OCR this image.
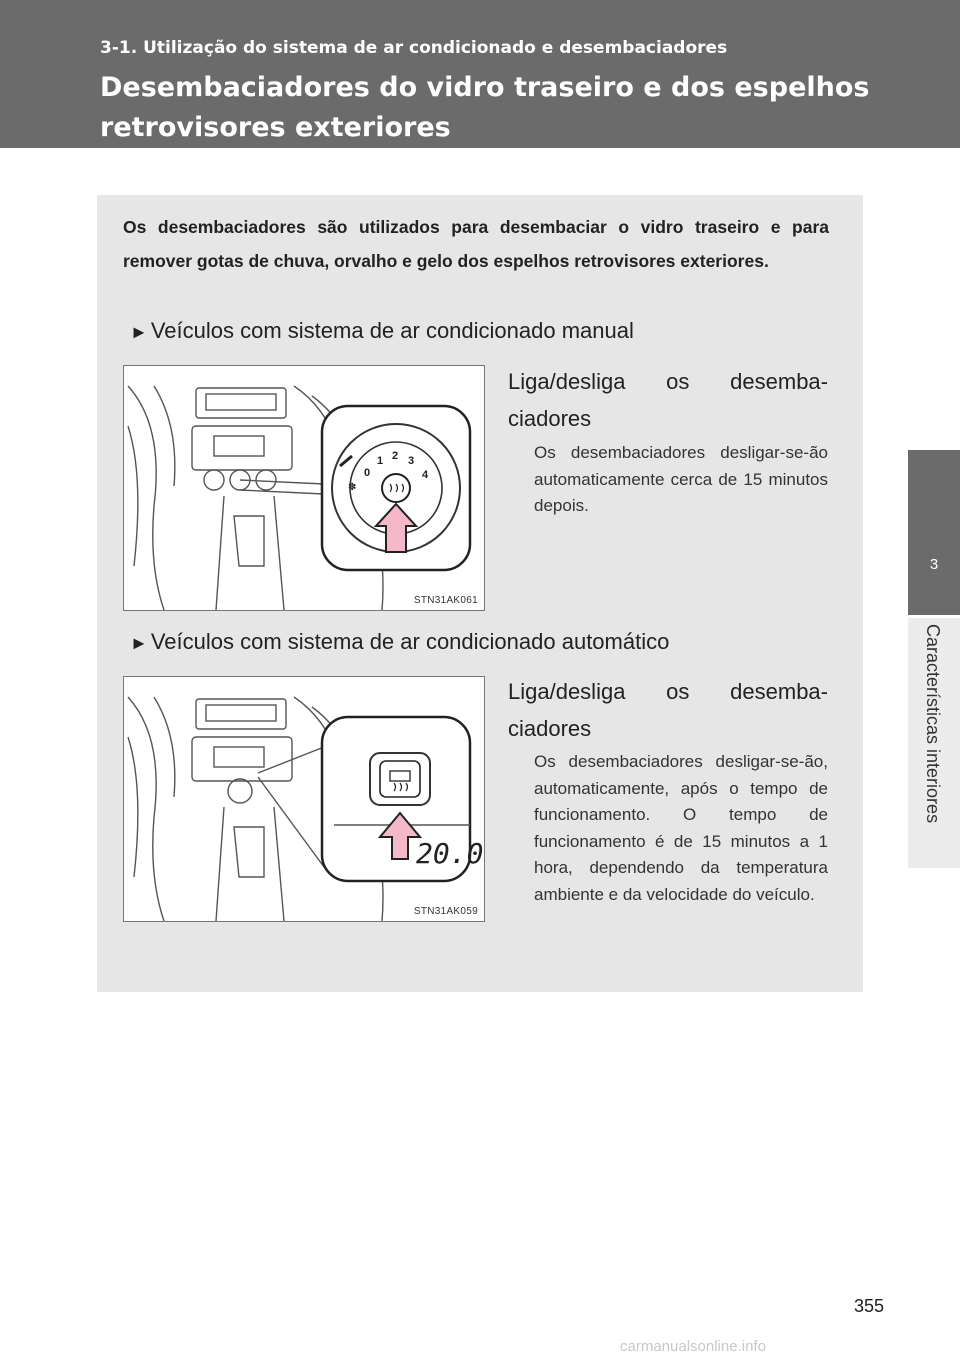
3-1. Utilização do sistema de ar condicionado e desembaciadores
Desembaciadores do vidro traseiro e dos espelhos retrovisores exteriores
3
Características interiores
Os desembaciadores são utilizados para desembaciar o vidro traseiro e para remover gotas de chuva, orvalho e gelo dos espelhos retrovisores exteriores.
► Veículos com sistema de ar condicionado manual
✽
0
1 2 3
4
STN31AK061
Liga/desliga os desembaciadores
Os desembaciadores desligar-se-ão automaticamente cerca de 15 minutos depois.
► Veículos com sistema de ar condicionado automático
20.0
STN31AK059
Liga/desliga os desembaciadores
Os desembaciadores desligar-se-ão, automaticamente, após o tempo de funcionamento. O tempo de funcionamento é de 15 minutos a 1 hora, dependendo da temperatura ambiente e da velocidade do veículo.
355
carmanualsonline.info
